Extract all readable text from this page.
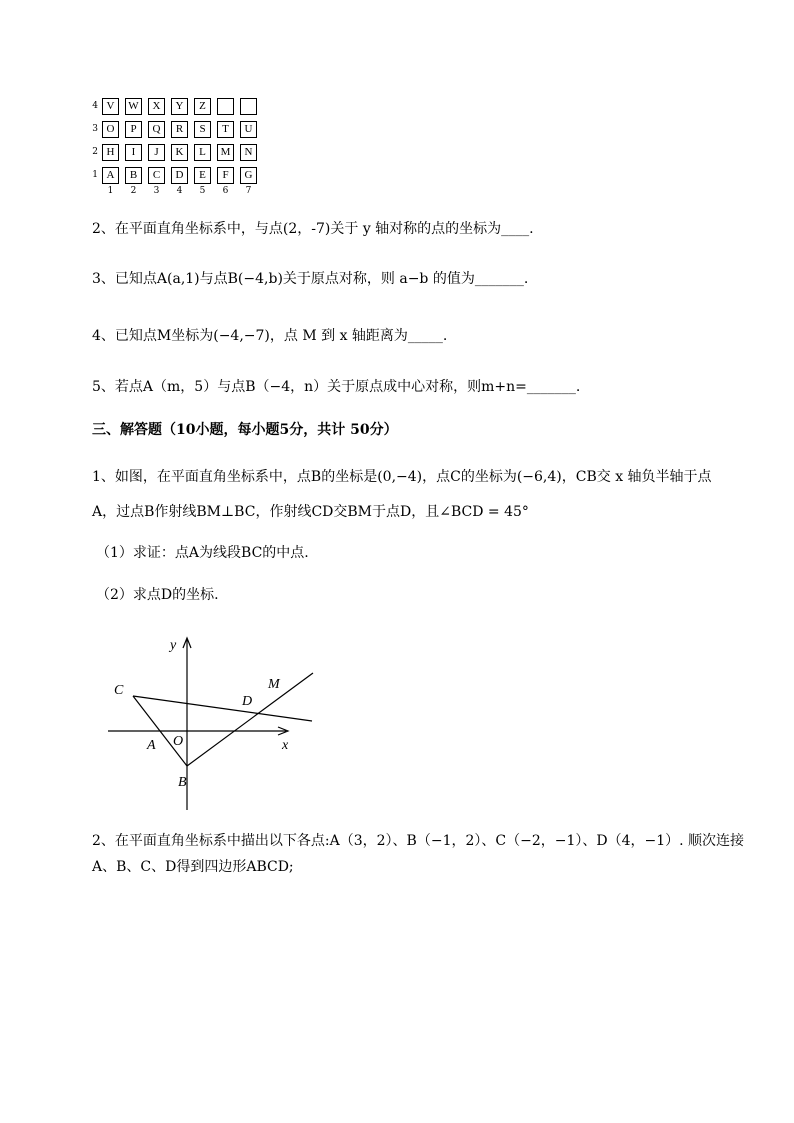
4 V	W	X	Y	Z
3 O	P	Q	R	S	T	U
2 H	I	J	K	L	M	N
1 A	B	C	D	E	F	G
1	2	3	4	5	6	7
2、在平面直角坐标系中，与点(2，-7)关于 y 轴对称的点的坐标为____.
3、已知点A(a,1)与点B(−4,b)关于原点对称，则 a−b 的值为_______.
4、已知点M坐标为(−4,−7)，点 M 到 x 轴距离为_____.
5、若点A（m，5）与点B（−4，n）关于原点成中心对称，则m+n=_______.
三、解答题（10小题，每小题5分，共计 50分）
1、如图，在平面直角坐标系中，点B的坐标是(0,−4)，点C的坐标为(−6,4)，CB交 x 轴负半轴于点
A，过点B作射线BM⊥BC，作射线CD交BM于点D，且∠BCD = 45°
（1）求证：点A为线段BC的中点.
（2）求点D的坐标.
y
x
C
D
M
A O
B
2、在平面直角坐标系中描出以下各点:A（3，2）、B（−1，2）、C（−2，−1）、D（4，−1）. 顺次连接
A、B、C、D得到四边形ABCD;
